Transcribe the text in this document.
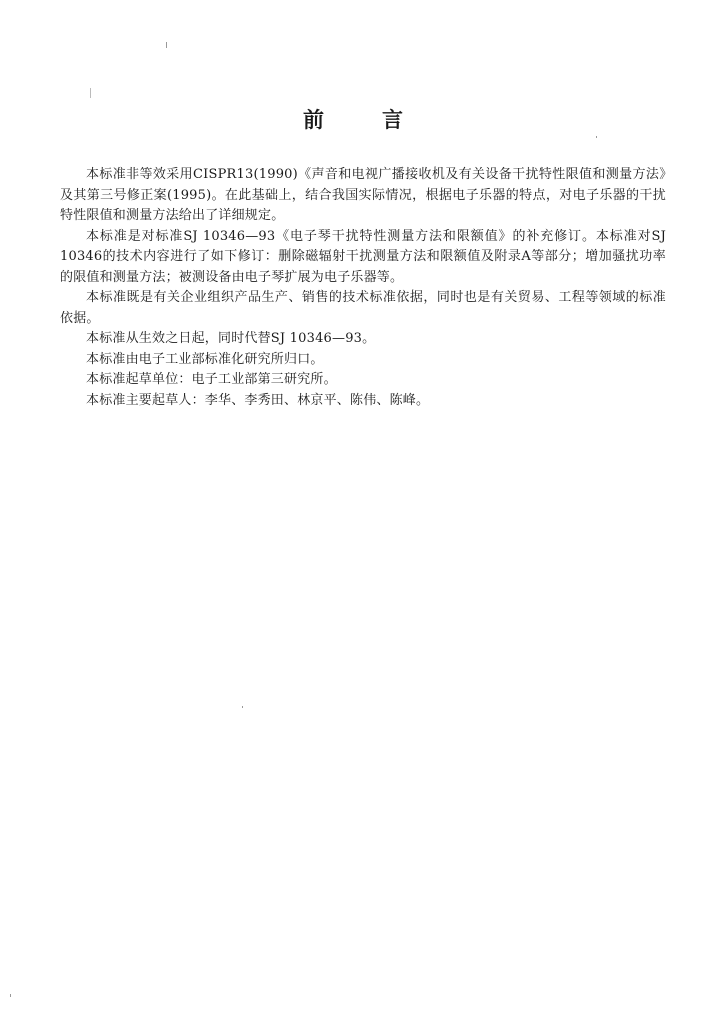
前	言

本标准非等效采用CISPR13(1990)《声音和电视广播接收机及有关设备干扰特性限值和测量方法》及其第三号修正案(1995)。在此基础上，结合我国实际情况，根据电子乐器的特点，对电子乐器的干扰特性限值和测量方法给出了详细规定。

本标准是对标准SJ 10346—93《电子琴干扰特性测量方法和限额值》的补充修订。本标准对SJ 10346的技术内容进行了如下修订：删除磁辐射干扰测量方法和限额值及附录A等部分；增加骚扰功率的限值和测量方法；被测设备由电子琴扩展为电子乐器等。

本标准既是有关企业组织产品生产、销售的技术标准依据，同时也是有关贸易、工程等领域的标准依据。

本标准从生效之日起，同时代替SJ 10346—93。

本标准由电子工业部标准化研究所归口。

本标准起草单位：电子工业部第三研究所。

本标准主要起草人：李华、李秀田、林京平、陈伟、陈峰。
